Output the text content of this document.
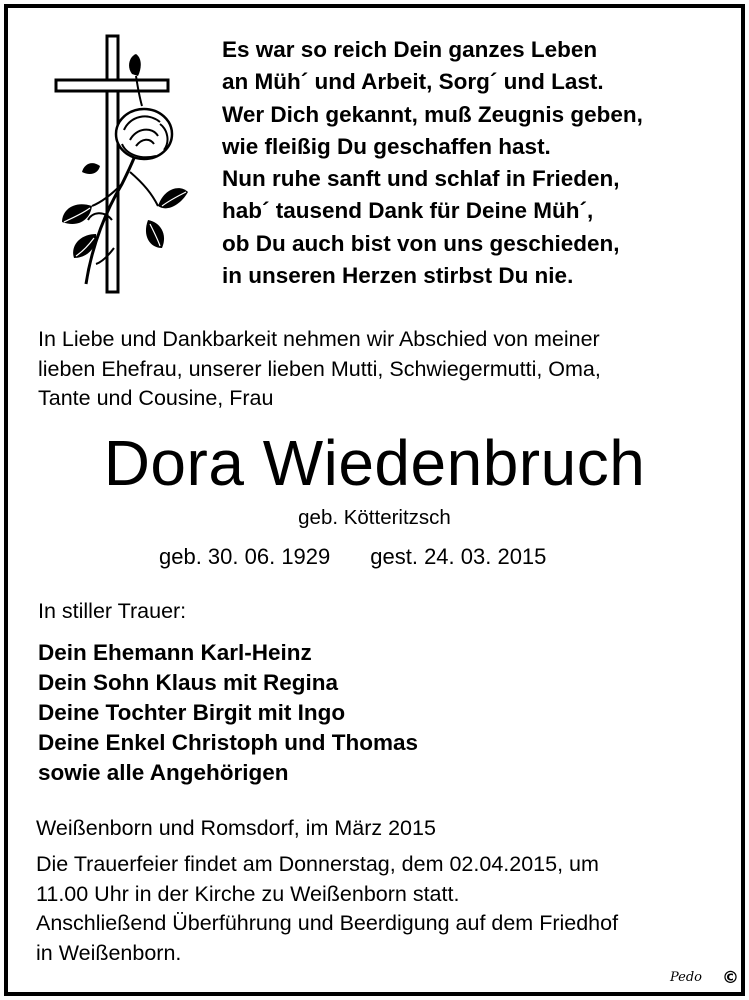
Es war so reich Dein ganzes Leben
an Müh´ und Arbeit, Sorg´ und Last.
Wer Dich gekannt, muß Zeugnis geben,
wie fleißig Du geschaffen hast.
Nun ruhe sanft und schlaf in Frieden,
hab´ tausend Dank für Deine Müh´,
ob Du auch bist von uns geschieden,
in unseren Herzen stirbst Du nie.
In Liebe und Dankbarkeit nehmen wir Abschied von meiner
lieben Ehefrau, unserer lieben Mutti, Schwiegermutti, Oma,
Tante und Cousine, Frau
Dora Wiedenbruch
geb. Kötteritzsch
geb. 30. 06. 1929 gest. 24. 03. 2015
In stiller Trauer:
Dein Ehemann Karl-Heinz
Dein Sohn Klaus mit Regina
Deine Tochter Birgit mit Ingo
Deine Enkel Christoph und Thomas
sowie alle Angehörigen
Weißenborn und Romsdorf, im März 2015
Die Trauerfeier findet am Donnerstag, dem 02.04.2015, um
11.00 Uhr in der Kirche zu Weißenborn statt.
Anschließend Überführung und Beerdigung auf dem Friedhof
in Weißenborn.
Pedo ©
